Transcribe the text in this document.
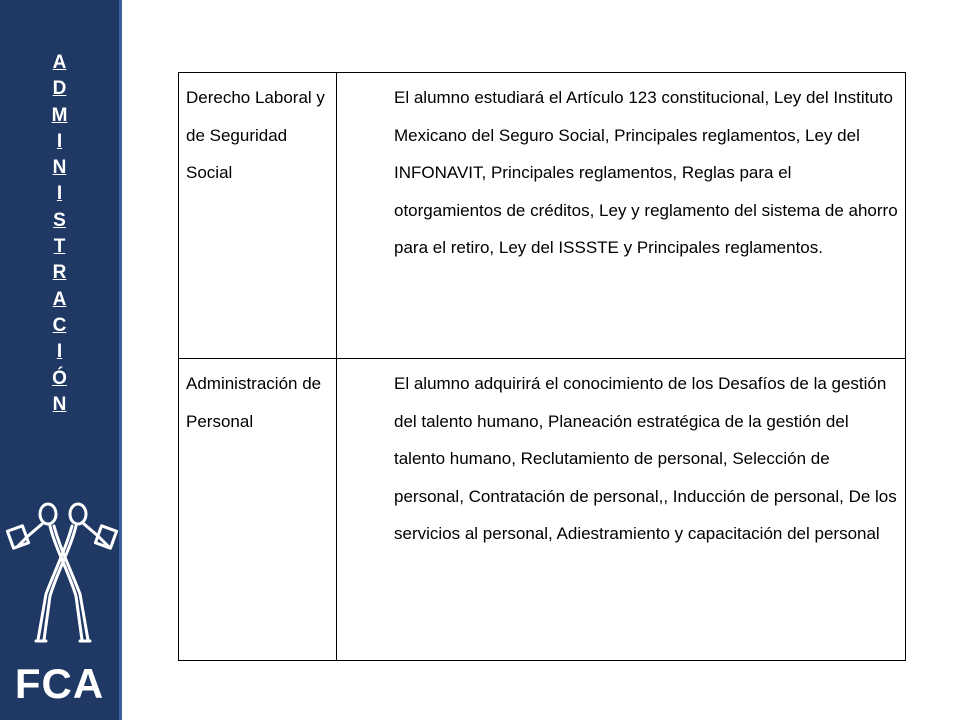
A
D
M
I
N
I
S
T
R
A
C
I
Ó
N
FCA
Derecho Laboral y de Seguridad Social	El alumno estudiará el Artículo 123 constitucional, Ley del Instituto Mexicano del Seguro Social, Principales reglamentos, Ley del INFONAVIT, Principales reglamentos, Reglas para el otorgamientos de créditos, Ley y reglamento del sistema de ahorro para el retiro, Ley del ISSSTE y Principales reglamentos.
Administración de Personal	El alumno adquirirá el conocimiento de los Desafíos de la gestión del talento humano, Planeación estratégica de la gestión del talento humano, Reclutamiento de personal, Selección de personal, Contratación de personal,, Inducción de personal, De los servicios al personal, Adiestramiento y capacitación del personal
